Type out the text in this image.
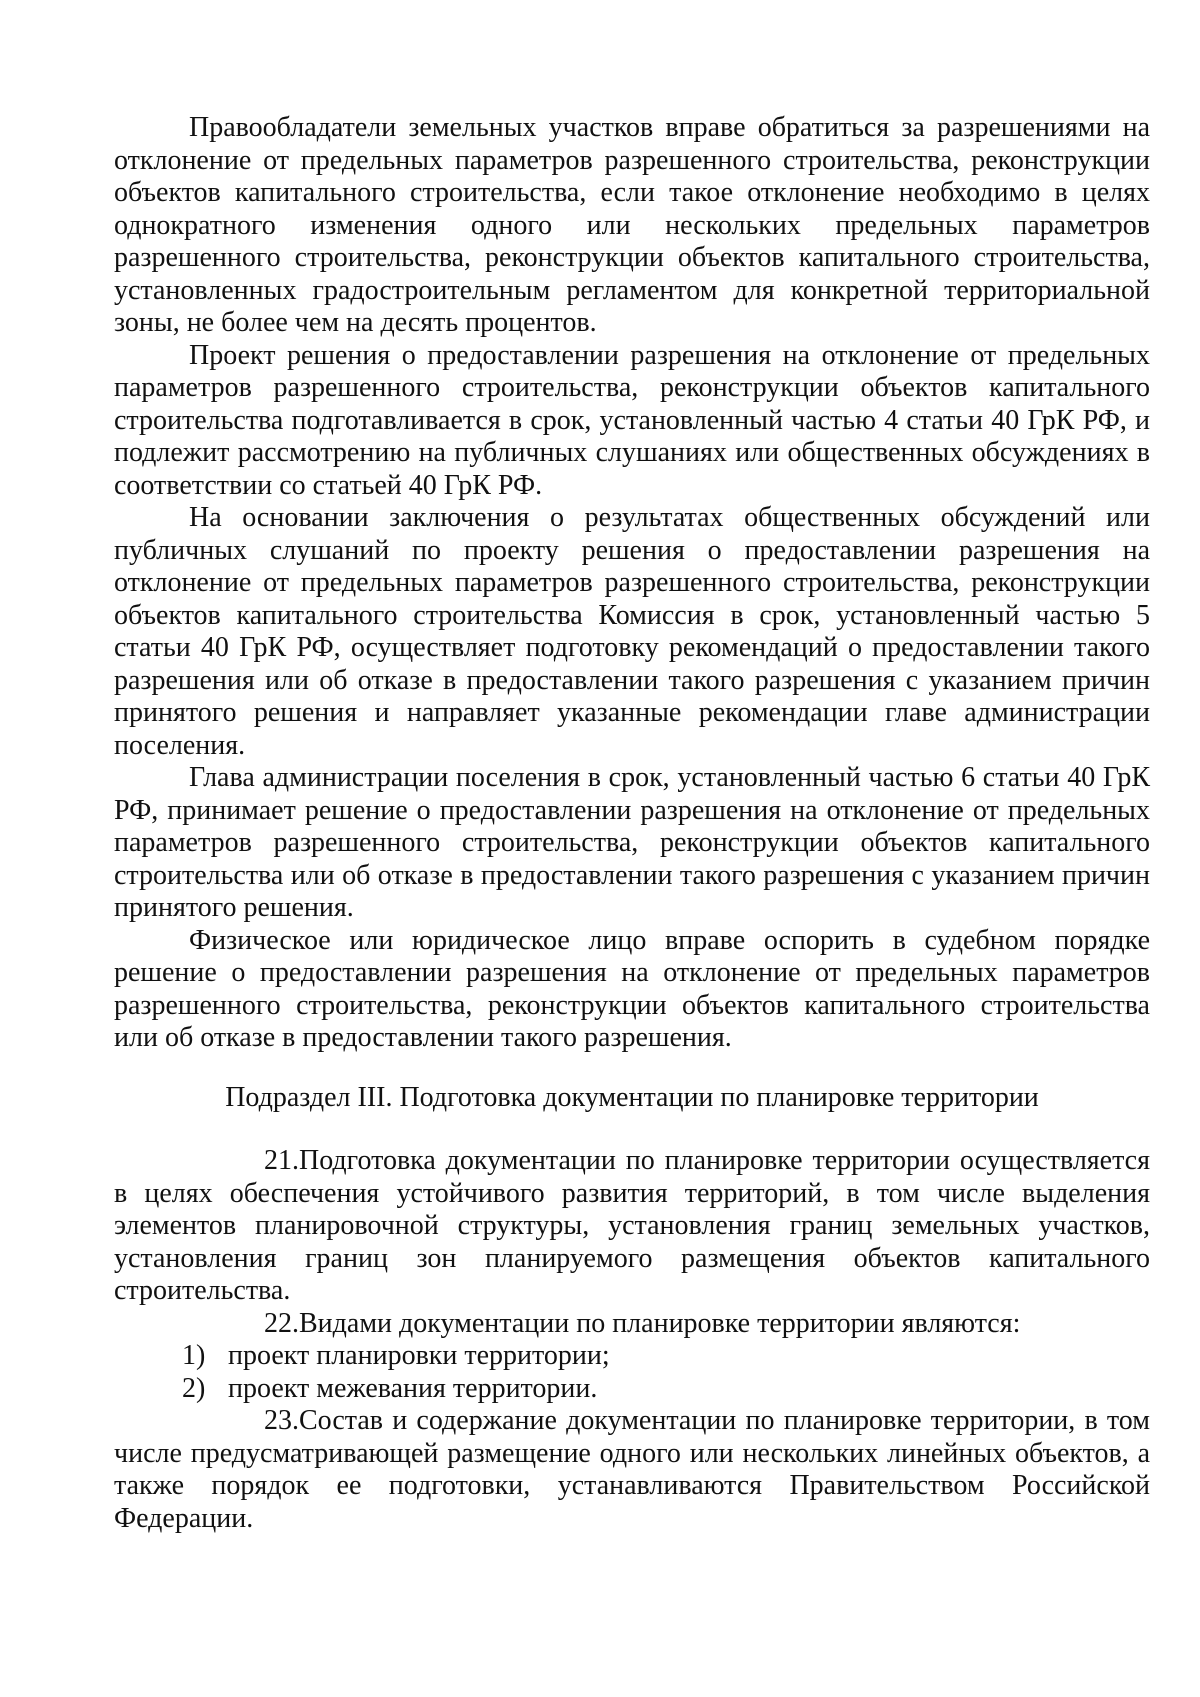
Правообладатели земельных участков вправе обратиться за разрешениями на отклонение от предельных параметров разрешенного строительства, реконструкции объектов капитального строительства, если такое отклонение необходимо в целях однократного изменения одного или нескольких предельных параметров разрешенного строительства, реконструкции объектов капитального строительства, установленных градостроительным регламентом для конкретной территориальной зоны, не более чем на десять процентов.

Проект решения о предоставлении разрешения на отклонение от предельных параметров разрешенного строительства, реконструкции объектов капитального строительства подготавливается в срок, установленный частью 4 статьи 40 ГрК РФ, и подлежит рассмотрению на публичных слушаниях или общественных обсуждениях в соответствии со статьей 40 ГрК РФ.

На основании заключения о результатах общественных обсуждений или публичных слушаний по проекту решения о предоставлении разрешения на отклонение от предельных параметров разрешенного строительства, реконструкции объектов капитального строительства Комиссия в срок, установленный частью 5 статьи 40 ГрК РФ, осуществляет подготовку рекомендаций о предоставлении такого разрешения или об отказе в предоставлении такого разрешения с указанием причин принятого решения и направляет указанные рекомендации главе администрации поселения.

Глава администрации поселения в срок, установленный частью 6 статьи 40 ГрК РФ, принимает решение о предоставлении разрешения на отклонение от предельных параметров разрешенного строительства, реконструкции объектов капитального строительства или об отказе в предоставлении такого разрешения с указанием причин принятого решения.

Физическое или юридическое лицо вправе оспорить в судебном порядке решение о предоставлении разрешения на отклонение от предельных параметров разрешенного строительства, реконструкции объектов капитального строительства или об отказе в предоставлении такого разрешения.

Подраздел III. Подготовка документации по планировке территории

21.Подготовка документации по планировке территории осуществляется в целях обеспечения устойчивого развития территорий, в том числе выделения элементов планировочной структуры, установления границ земельных участков, установления границ зон планируемого размещения объектов капитального строительства.

22.Видами документации по планировке территории являются:

1) проект планировки территории;

2) проект межевания территории.

23.Состав и содержание документации по планировке территории, в том числе предусматривающей размещение одного или нескольких линейных объектов, а также порядок ее подготовки, устанавливаются Правительством Российской Федерации.
